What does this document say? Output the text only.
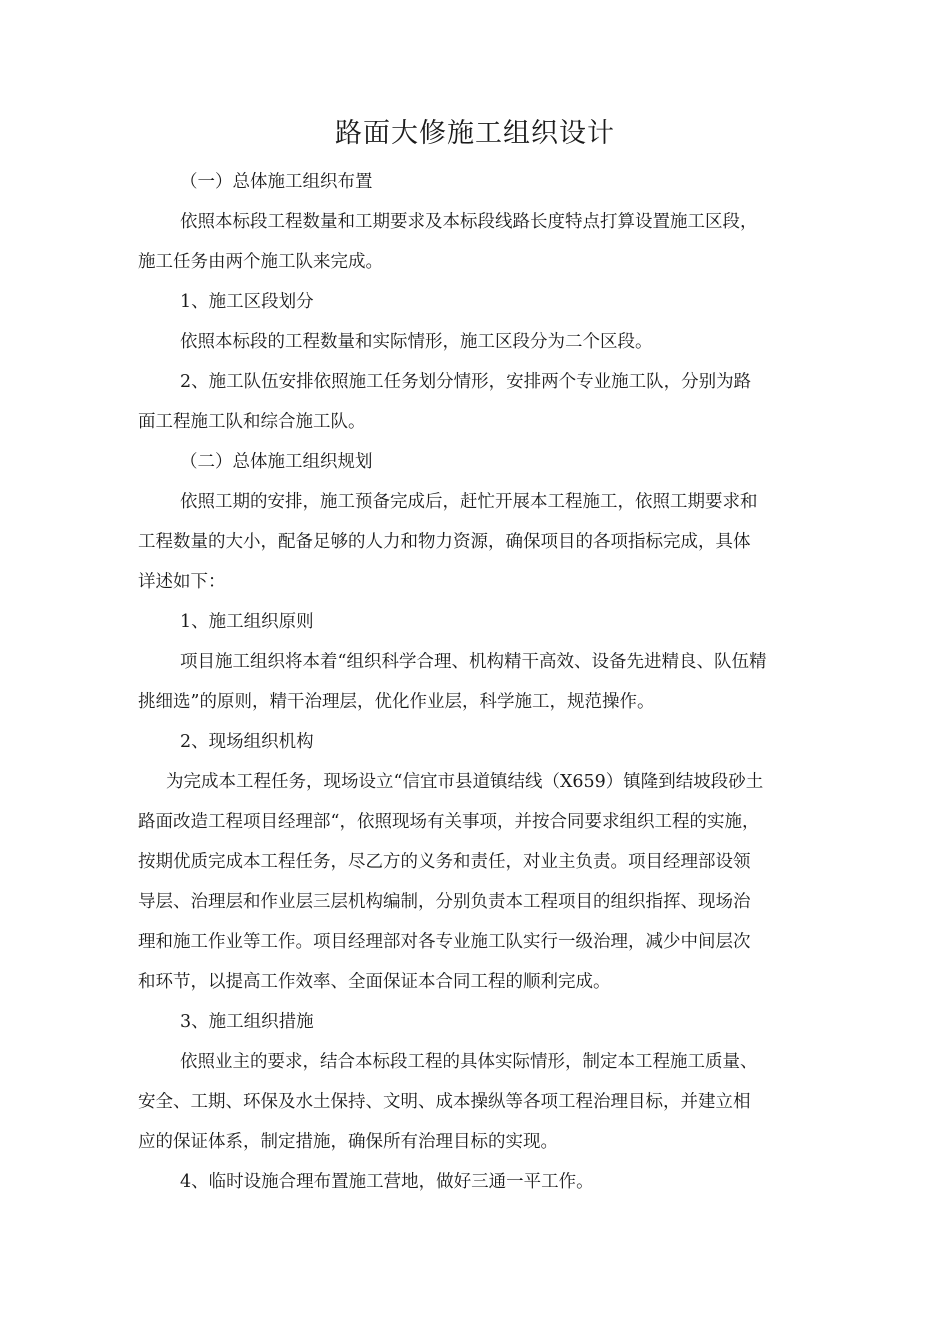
路面大修施工组织设计

（一）总体施工组织布置

依照本标段工程数量和工期要求及本标段线路长度特点打算设置施工区段，
施工任务由两个施工队来完成。

1、施工区段划分

依照本标段的工程数量和实际情形，施工区段分为二个区段。

2、施工队伍安排依照施工任务划分情形，安排两个专业施工队，分别为路
面工程施工队和综合施工队。

（二）总体施工组织规划

依照工期的安排，施工预备完成后，赶忙开展本工程施工，依照工期要求和
工程数量的大小，配备足够的人力和物力资源，确保项目的各项指标完成，具体
详述如下：

1、施工组织原则

项目施工组织将本着“组织科学合理、机构精干高效、设备先进精良、队伍精
挑细选”的原则，精干治理层，优化作业层，科学施工，规范操作。

2、现场组织机构

为完成本工程任务，现场设立“信宜市县道镇结线（X659）镇隆到结坡段砂土
路面改造工程项目经理部“，依照现场有关事项，并按合同要求组织工程的实施，
按期优质完成本工程任务，尽乙方的义务和责任，对业主负责。项目经理部设领
导层、治理层和作业层三层机构编制，分别负责本工程项目的组织指挥、现场治
理和施工作业等工作。项目经理部对各专业施工队实行一级治理，减少中间层次
和环节，以提高工作效率、全面保证本合同工程的顺利完成。

3、施工组织措施

依照业主的要求，结合本标段工程的具体实际情形，制定本工程施工质量、
安全、工期、环保及水土保持、文明、成本操纵等各项工程治理目标，并建立相
应的保证体系，制定措施，确保所有治理目标的实现。

4、临时设施合理布置施工营地，做好三通一平工作。
